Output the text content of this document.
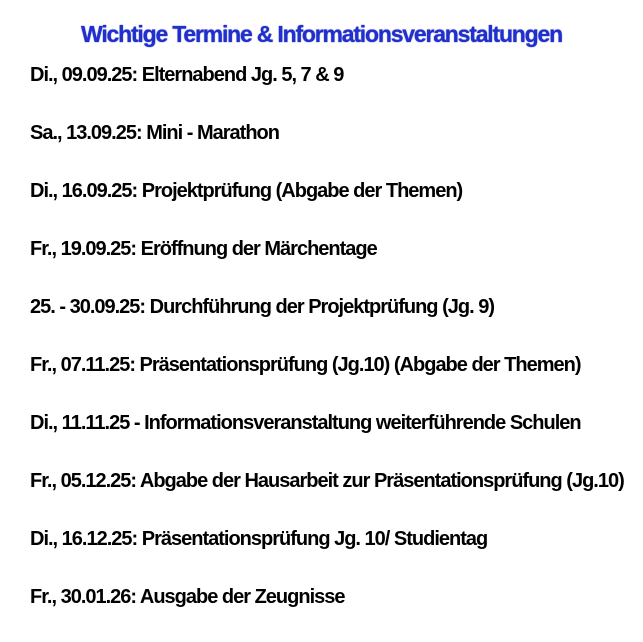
Wichtige Termine & Informationsveranstaltungen
Di., 09.09.25: Elternabend Jg. 5, 7 & 9
Sa., 13.09.25: Mini - Marathon
Di., 16.09.25: Projektprüfung (Abgabe der Themen)
Fr., 19.09.25: Eröffnung der Märchentage
25. - 30.09.25: Durchführung der Projektprüfung (Jg. 9)
Fr., 07.11.25: Präsentationsprüfung (Jg.10) (Abgabe der Themen)
Di., 11.11.25 - Informationsveranstaltung weiterführende Schulen
Fr., 05.12.25: Abgabe der Hausarbeit zur Präsentationsprüfung (Jg.10)
Di., 16.12.25: Präsentationsprüfung Jg. 10/ Studientag
Fr., 30.01.26: Ausgabe der Zeugnisse
